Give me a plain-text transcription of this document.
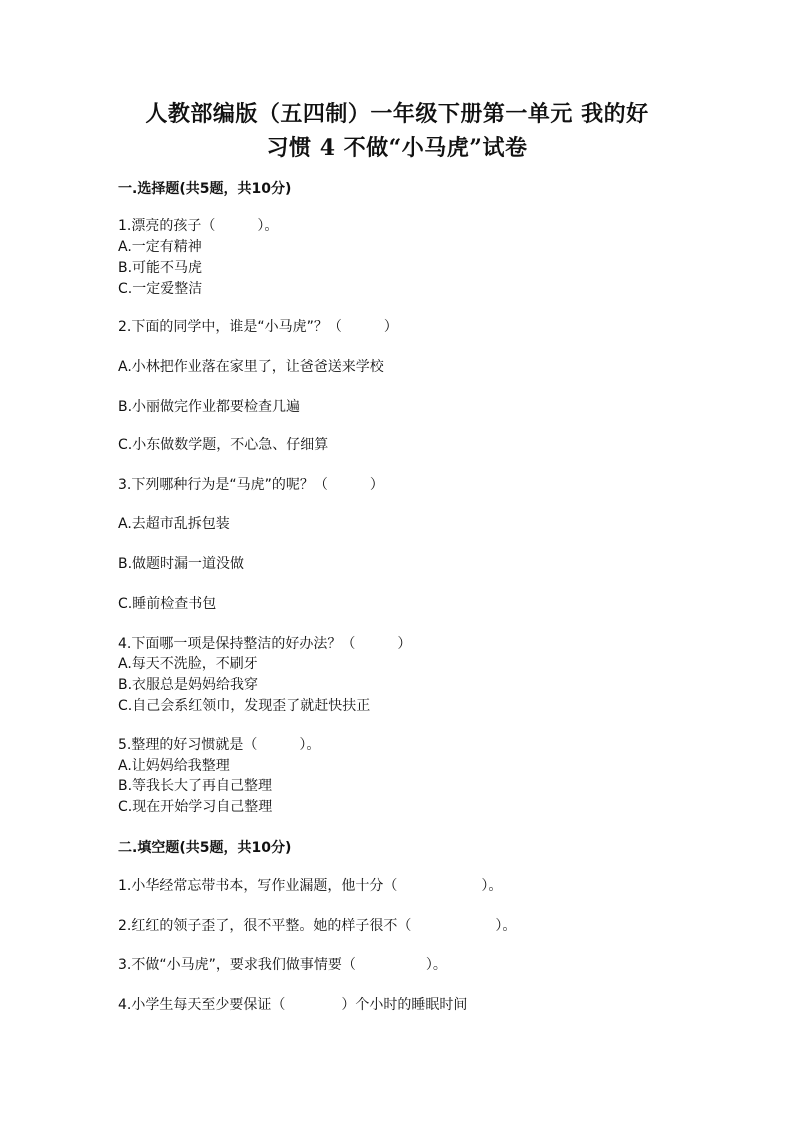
人教部编版（五四制）一年级下册第一单元 我的好
习惯 4 不做“小马虎”试卷
一.选择题(共5题，共10分)
1.漂亮的孩子（　　　）。
A.一定有精神
B.可能不马虎
C.一定爱整洁
2.下面的同学中，谁是“小马虎”？（　　　）
A.小林把作业落在家里了，让爸爸送来学校
B.小丽做完作业都要检查几遍
C.小东做数学题，不心急、仔细算
3.下列哪种行为是“马虎”的呢？（　　　）
A.去超市乱拆包装
B.做题时漏一道没做
C.睡前检查书包
4.下面哪一项是保持整洁的好办法？（　　　）
A.每天不洗脸，不刷牙
B.衣服总是妈妈给我穿
C.自己会系红领巾，发现歪了就赶快扶正
5.整理的好习惯就是（　　　）。
A.让妈妈给我整理
B.等我长大了再自己整理
C.现在开始学习自己整理
二.填空题(共5题，共10分)
1.小华经常忘带书本，写作业漏题，他十分（　　　　　　）。
2.红红的领子歪了，很不平整。她的样子很不（　　　　　　）。
3.不做“小马虎”，要求我们做事情要（　　　　　）。
4.小学生每天至少要保证（　　　　）个小时的睡眠时间
